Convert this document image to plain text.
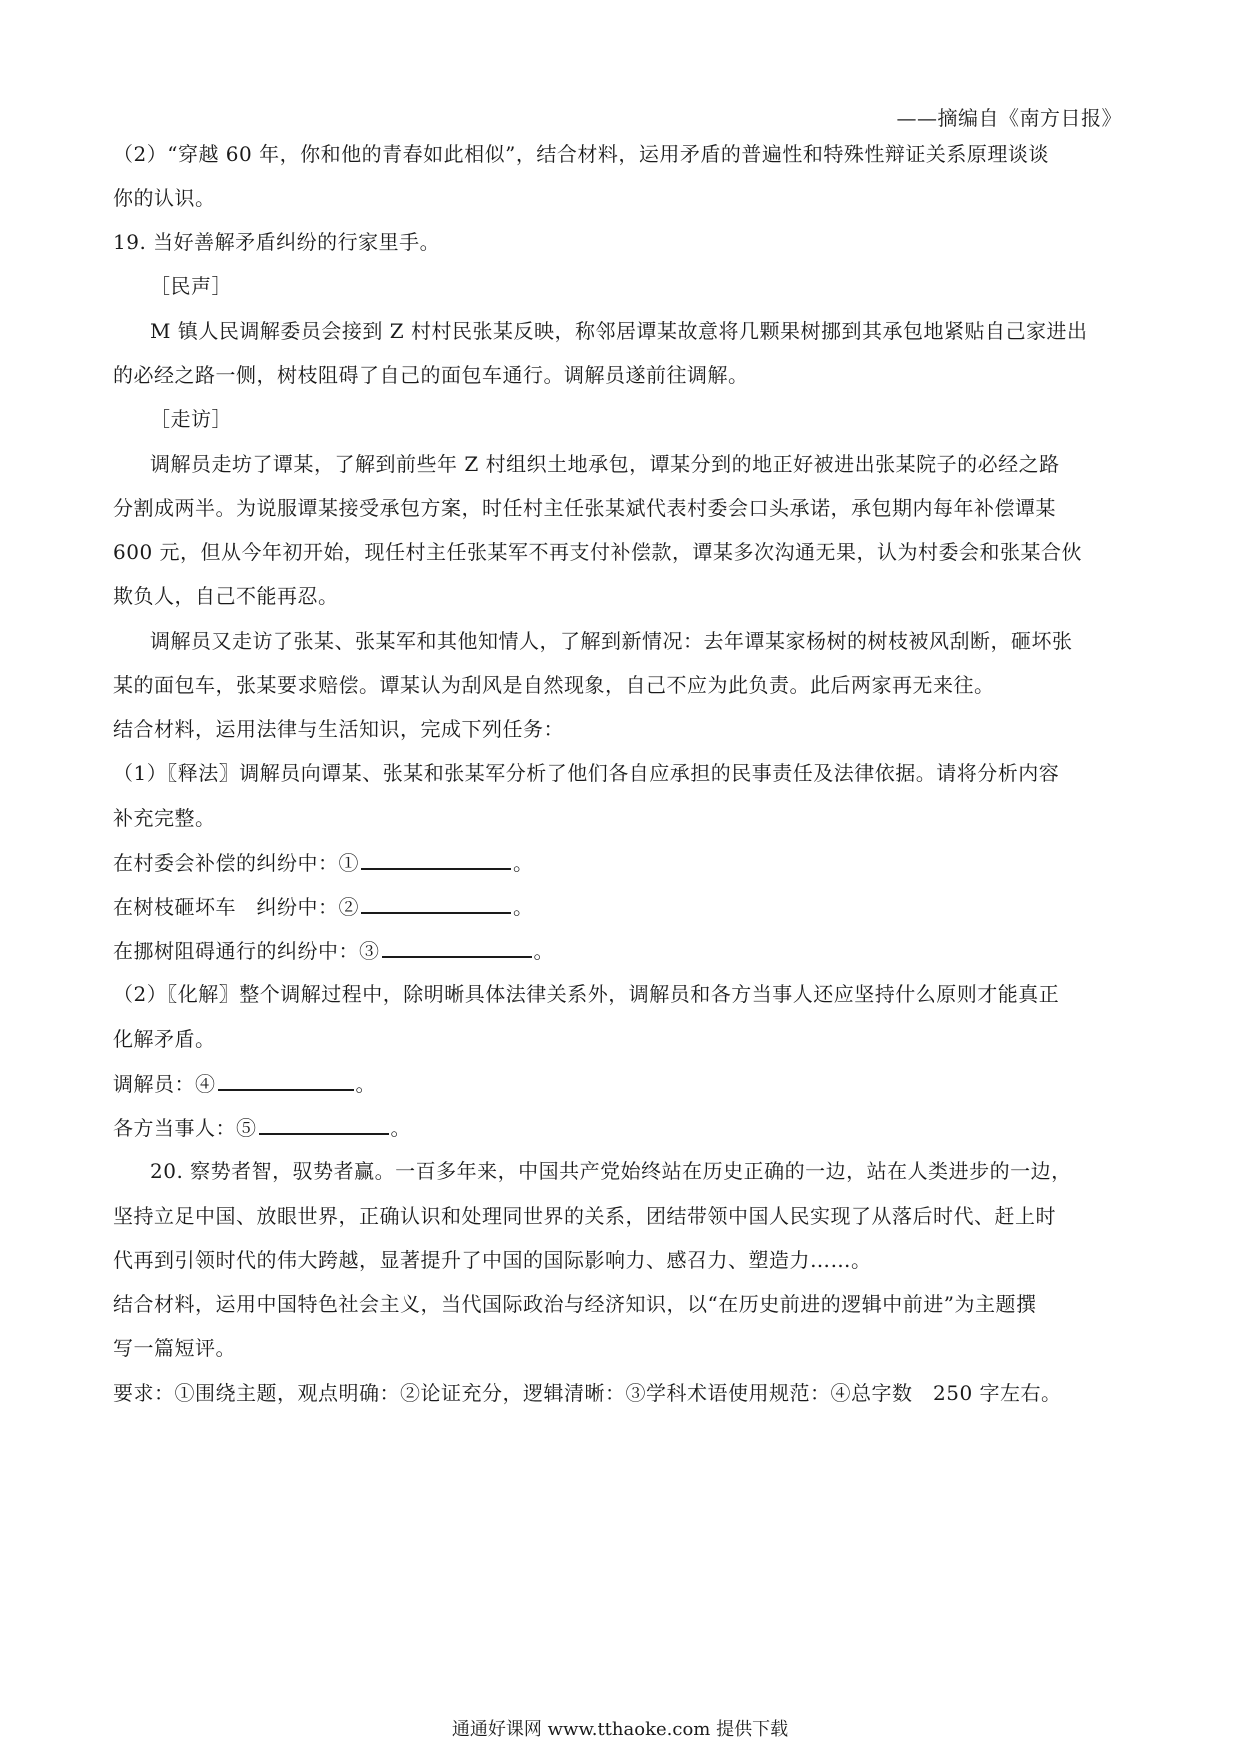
——摘编自《南方日报》
（2）“穿越 60 年，你和他的青春如此相似”，结合材料，运用矛盾的普遍性和特殊性辩证关系原理谈谈
你的认识。
19. 当好善解矛盾纠纷的行家里手。
［民声］
M 镇人民调解委员会接到 Z 村村民张某反映，称邻居谭某故意将几颗果树挪到其承包地紧贴自己家进出
的必经之路一侧，树枝阻碍了自己的面包车通行。调解员遂前往调解。
［走访］
调解员走坊了谭某，了解到前些年 Z 村组织土地承包，谭某分到的地正好被进出张某院子的必经之路
分割成两半。为说服谭某接受承包方案，时任村主任张某斌代表村委会口头承诺，承包期内每年补偿谭某
600 元，但从今年初开始，现任村主任张某军不再支付补偿款，谭某多次沟通无果，认为村委会和张某合伙
欺负人，自己不能再忍。
调解员又走访了张某、张某军和其他知情人，了解到新情况：去年谭某家杨树的树枝被风刮断，砸坏张
某的面包车，张某要求赔偿。谭某认为刮风是自然现象，自己不应为此负责。此后两家再无来往。
结合材料，运用法律与生活知识，完成下列任务：
（1）〖释法〗调解员向谭某、张某和张某军分析了他们各自应承担的民事责任及法律依据。请将分析内容
补充完整。
在村委会补偿的纠纷中：①	。
在树枝砸坏车　纠纷中：②	。
在挪树阻碍通行的纠纷中：③	。
（2）〖化解〗整个调解过程中，除明晰具体法律关系外，调解员和各方当事人还应坚持什么原则才能真正
化解矛盾。
调解员：④	。
各方当事人：⑤	。
20. 察势者智，驭势者赢。一百多年来，中国共产党始终站在历史正确的一边，站在人类进步的一边，
坚持立足中国、放眼世界，正确认识和处理同世界的关系，团结带领中国人民实现了从落后时代、赶上时
代再到引领时代的伟大跨越，显著提升了中国的国际影响力、感召力、塑造力……。
结合材料，运用中国特色社会主义，当代国际政治与经济知识，以“在历史前进的逻辑中前进”为主题撰
写一篇短评。
要求：①围绕主题，观点明确：②论证充分，逻辑清晰：③学科术语使用规范：④总字数　250 字左右。
通通好课网 www.tthaoke.com 提供下载
